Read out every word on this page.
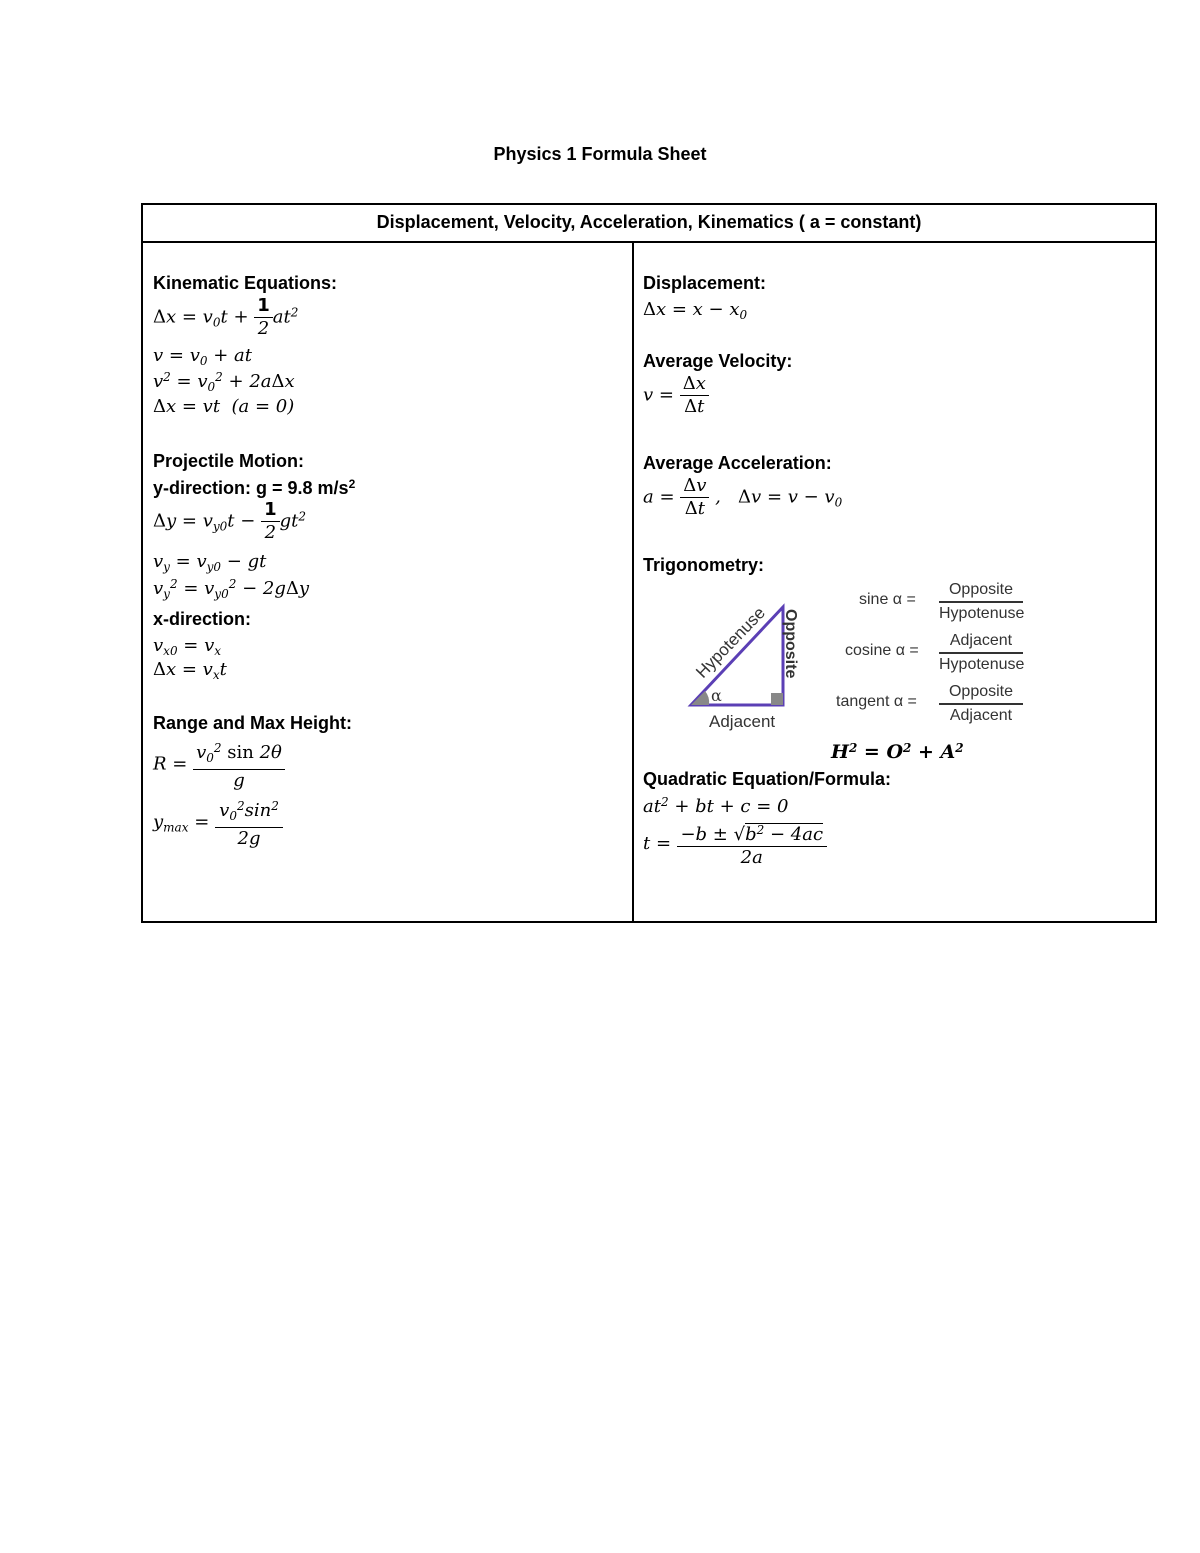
Physics 1 Formula Sheet
Displacement, Velocity, Acceleration, Kinematics ( a = constant)
Kinematic Equations:
$\Delta x = v_0t + \frac{1}{2} at^2$
$v = v_0$ + at
$v^2 = v_0^2 + 2a\Delta x$
Δx = vt  (a = 0)
Projectile Motion:
y-direction: g = 9.8 $m/s^2$
$\Delta y = v_{y0}t - \frac{1}{2} gt^2$
$v_y = v_{y0}$ − gt
$v_y^2 = v_{y0}^2 - 2g\Delta y$
x-direction:
$v_{x0} = v_x$
$\Delta x = v_xt$
Range and Max Height:
$R = \frac{v_0^2 \sin 2\theta}{g}$
$y_{max} = \frac{v_0^2\sin^2}{2g}$
Displacement:
$\Delta x = x - x_0$
Average Velocity:
$v = \frac{\Delta x}{\Delta t}$
Average Acceleration:
$a = \frac{\Delta v}{\Delta t}$ ,   $\Delta v = v - v_0$
Trigonometry:
α
Hypotenuse Opposite
Adjacent
sine α =
Opposite
Hypotenuse
cosine α =
Adjacent
Hypotenuse
tangent α =
Opposite
Adjacent
$H^2 = O^2 + A^2$
Quadratic Equation/Formula:
$at^2$ + bt + c = 0
$t = \frac{-b \pm √b^2 - 4ac}{2a}$
